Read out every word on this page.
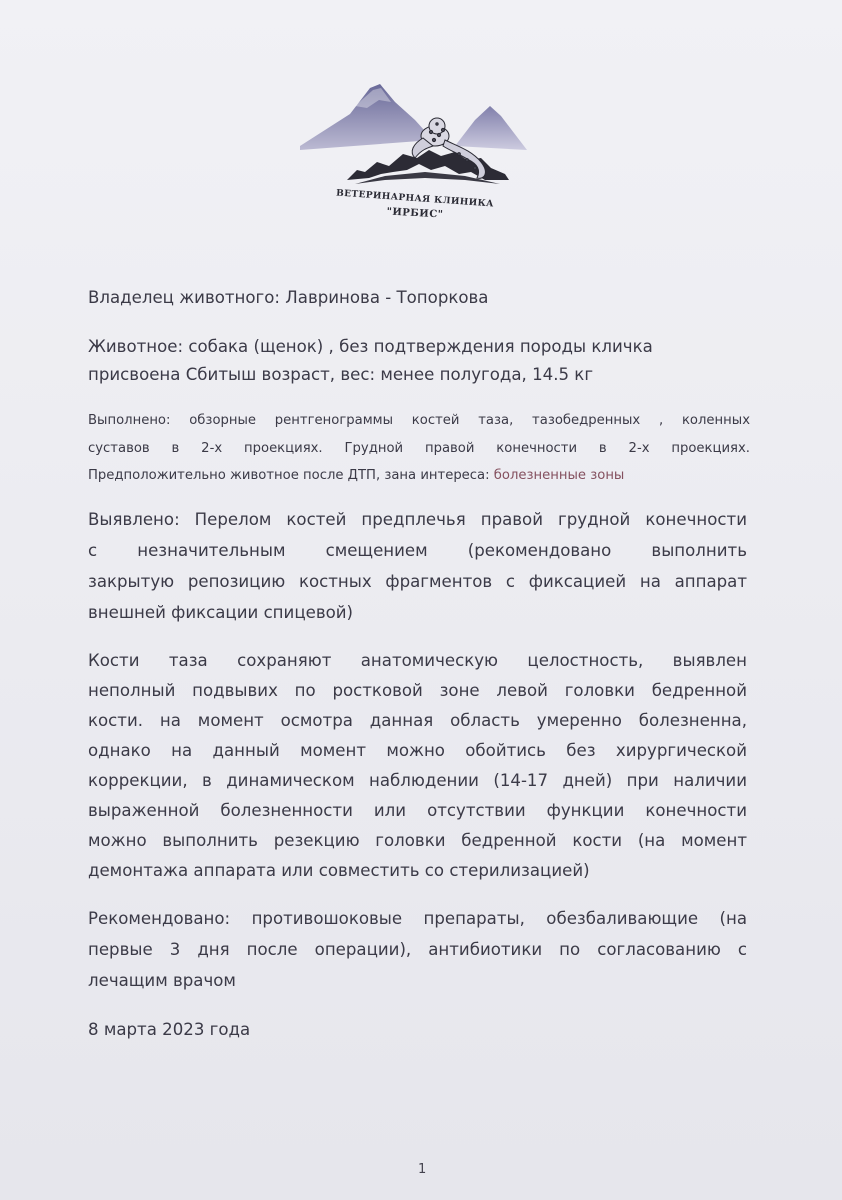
ВЕТЕРИНАРНАЯ КЛИНИКА
"ИРБИС"
Владелец животного: Лавринова - Топоркова
Животное: собака (щенок) , без подтверждения породы кличка
присвоена Сбитыш возраст, вес: менее полугода, 14.5 кг
Выполнено: обзорные рентгенограммы костей таза, тазобедренных , коленных
суставов в 2-х проекциях. Грудной правой конечности в 2-х проекциях.
Предположительно животное после ДТП, зана интереса: болезненные зоны
Выявлено: Перелом костей предплечья правой грудной конечности
с незначительным смещением (рекомендовано выполнить
закрытую репозицию костных фрагментов с фиксацией на аппарат
внешней фиксации спицевой)
Кости таза сохраняют анатомическую целостность, выявлен
неполный подвывих по ростковой зоне левой головки бедренной
кости. на момент осмотра данная область умеренно болезненна,
однако на данный момент можно обойтись без хирургической
коррекции, в динамическом наблюдении (14-17 дней) при наличии
выраженной болезненности или отсутствии функции конечности
можно выполнить резекцию головки бедренной кости (на момент
демонтажа аппарата или совместить со стерилизацией)
Рекомендовано: противошоковые препараты, обезбаливающие (на
первые 3 дня после операции), антибиотики по согласованию с
лечащим врачом
8 марта 2023 года
1
